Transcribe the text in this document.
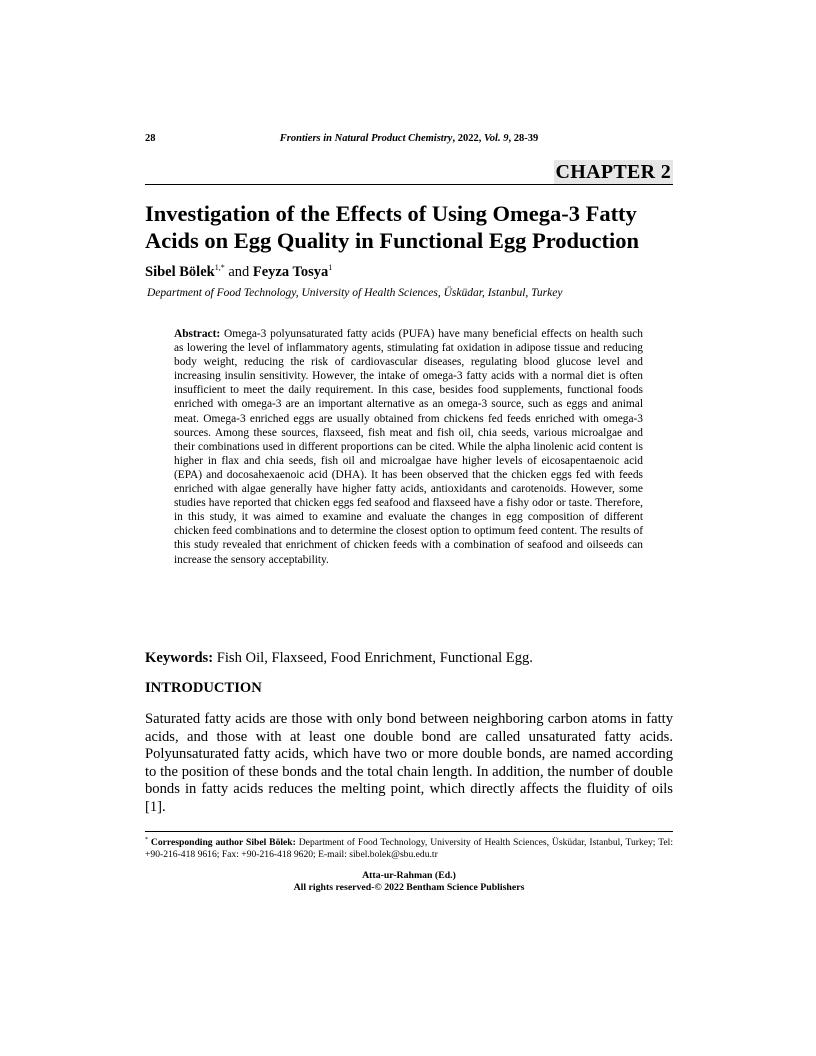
28	Frontiers in Natural Product Chemistry, 2022, Vol. 9, 28-39
CHAPTER 2
Investigation of the Effects of Using Omega-3 Fatty Acids on Egg Quality in Functional Egg Production
Sibel Bölek$^{1,*}$ and Feyza Tosya$^1$
Department of Food Technology, University of Health Sciences, Üsküdar, Istanbul, Turkey
Abstract: Omega-3 polyunsaturated fatty acids (PUFA) have many beneficial effects on health such as lowering the level of inflammatory agents, stimulating fat oxidation in adipose tissue and reducing body weight, reducing the risk of cardiovascular diseases, regulating blood glucose level and increasing insulin sensitivity. However, the intake of omega-3 fatty acids with a normal diet is often insufficient to meet the daily requirement. In this case, besides food supplements, functional foods enriched with omega-3 are an important alternative as an omega-3 source, such as eggs and animal meat. Omega-3 enriched eggs are usually obtained from chickens fed feeds enriched with omega-3 sources. Among these sources, flaxseed, fish meat and fish oil, chia seeds, various microalgae and their combinations used in different proportions can be cited. While the alpha linolenic acid content is higher in flax and chia seeds, fish oil and microalgae have higher levels of eicosapentaenoic acid (EPA) and docosahexaenoic acid (DHA). It has been observed that the chicken eggs fed with feeds enriched with algae generally have higher fatty acids, antioxidants and carotenoids. However, some studies have reported that chicken eggs fed seafood and flaxseed have a fishy odor or taste. Therefore, in this study, it was aimed to examine and evaluate the changes in egg composition of different chicken feed combinations and to determine the closest option to optimum feed content. The results of this study revealed that enrichment of chicken feeds with a combination of seafood and oilseeds can increase the sensory acceptability.
Keywords: Fish Oil, Flaxseed, Food Enrichment, Functional Egg.
INTRODUCTION
Saturated fatty acids are those with only bond between neighboring carbon atoms in fatty acids, and those with at least one double bond are called unsaturated fatty acids. Polyunsaturated fatty acids, which have two or more double bonds, are named according to the position of these bonds and the total chain length. In addition, the number of double bonds in fatty acids reduces the melting point, which directly affects the fluidity of oils [1].
* Corresponding author Sibel Bölek: Department of Food Technology, University of Health Sciences, Üsküdar, Istanbul, Turkey; Tel: +90-216-418 9616; Fax: +90-216-418 9620; E-mail: sibel.bolek@sbu.edu.tr
Atta-ur-Rahman (Ed.)
All rights reserved-© 2022 Bentham Science Publishers
